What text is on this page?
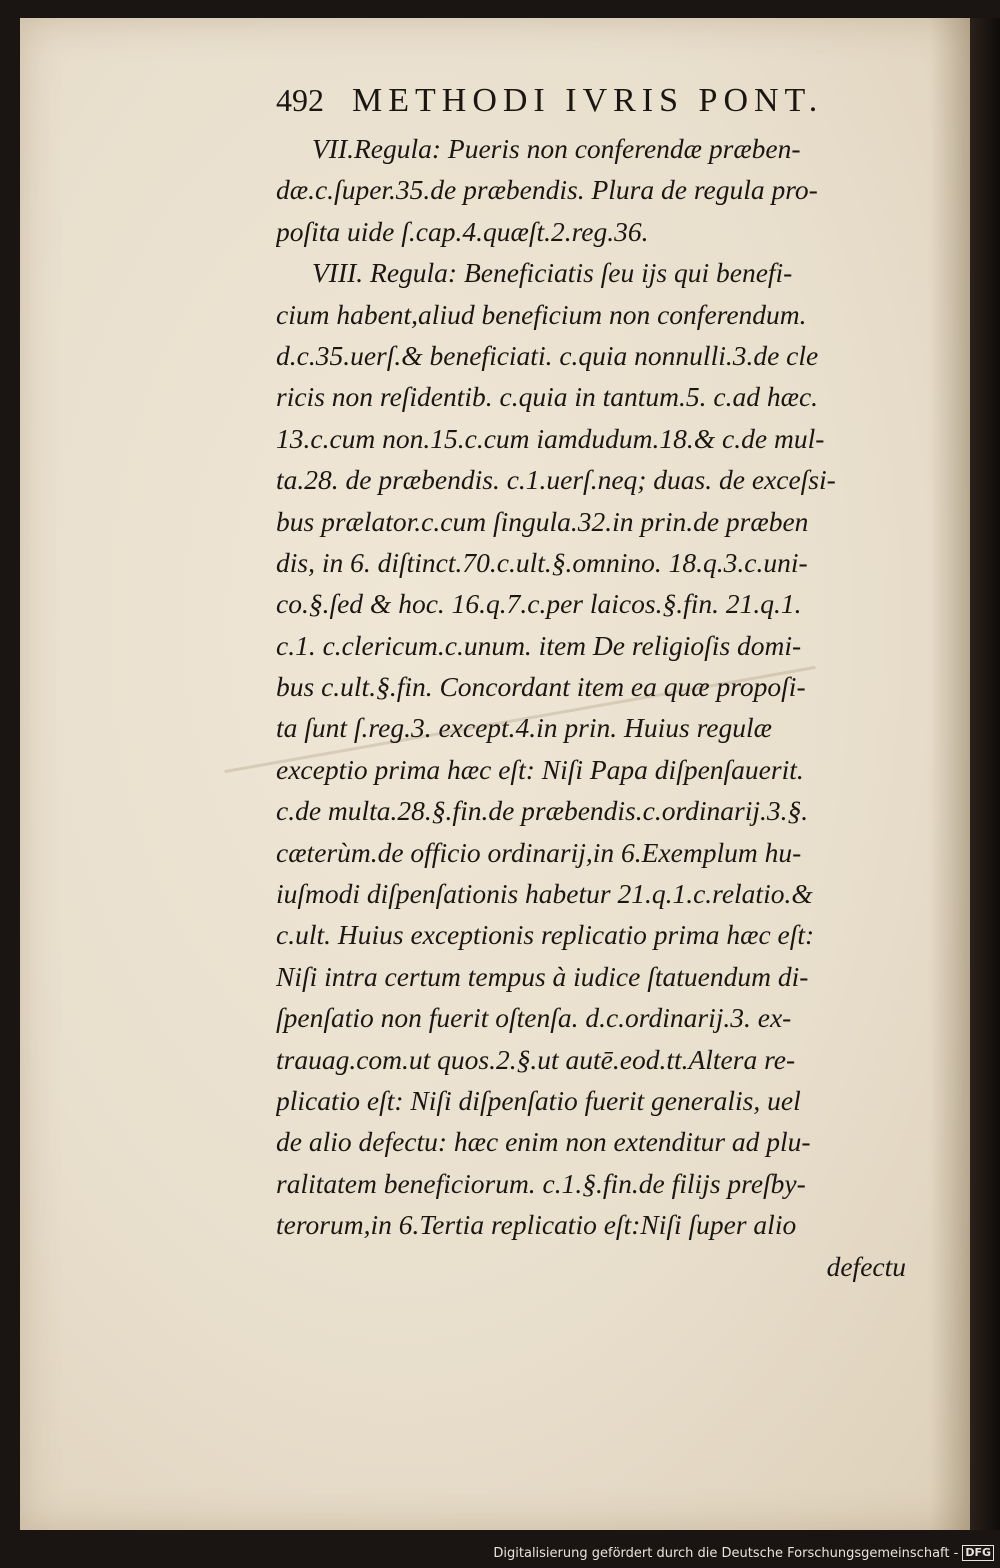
492 METHODI IVRIS PONT.
VII.Regula: Pueris non conferendæ præben-
dæ.c.ſuper.35.de præbendis. Plura de regula pro-
poſita uide ſ.cap.4.quæſt.2.reg.36.
VIII. Regula: Beneficiatis ſeu ijs qui benefi-
cium habent,aliud beneficium non conferendum.
d.c.35.uerſ.& beneficiati. c.quia nonnulli.3.de cle
ricis non reſidentib. c.quia in tantum.5. c.ad hæc.
13.c.cum non.15.c.cum iamdudum.18.& c.de mul-
ta.28. de præbendis. c.1.uerſ.neq; duas. de exceſsi-
bus prælator.c.cum ſingula.32.in prin.de præben
dis, in 6. diſtinct.70.c.ult.§.omnino. 18.q.3.c.uni-
co.§.ſed & hoc. 16.q.7.c.per laicos.§.fin. 21.q.1.
c.1. c.clericum.c.unum. item De religioſis domi-
bus c.ult.§.fin. Concordant item ea quæ propoſi-
ta ſunt ſ.reg.3. except.4.in prin. Huius regulæ
exceptio prima hæc eſt: Niſi Papa diſpenſauerit.
c.de multa.28.§.fin.de præbendis.c.ordinarij.3.§.
cæterùm.de officio ordinarij,in 6.Exemplum hu-
iuſmodi diſpenſationis habetur 21.q.1.c.relatio.&
c.ult. Huius exceptionis replicatio prima hæc eſt:
Niſi intra certum tempus à iudice ſtatuendum di-
ſpenſatio non fuerit oſtenſa. d.c.ordinarij.3. ex-
trauag.com.ut quos.2.§.ut autē.eod.tt.Altera re-
plicatio eſt: Niſi diſpenſatio fuerit generalis, uel
de alio defectu: hæc enim non extenditur ad plu-
ralitatem beneficiorum. c.1.§.fin.de filijs preſby-
terorum,in 6.Tertia replicatio eſt:Niſi ſuper alio
defectu
Digitalisierung gefördert durch die Deutsche Forschungsgemeinschaft - DFG
